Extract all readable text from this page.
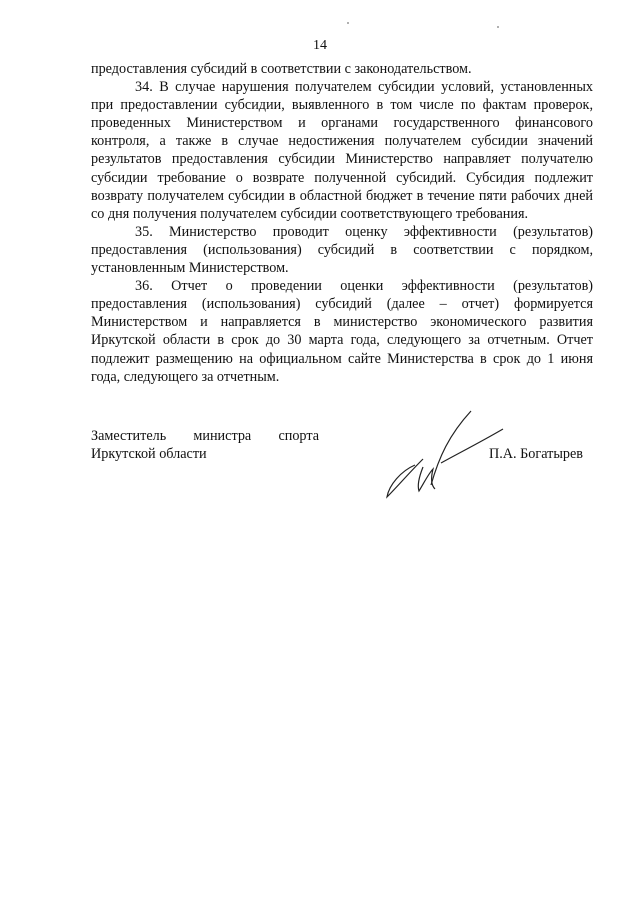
14

предоставления субсидий в соответствии с законодательством.

34. В случае нарушения получателем субсидии условий, установленных при предоставлении субсидии, выявленного в том числе по фактам проверок, проведенных Министерством и органами государственного финансового контроля, а также в случае недостижения получателем субсидии значений результатов предоставления субсидии Министерство направляет получателю субсидии требование о возврате полученной субсидий. Субсидия подлежит возврату получателем субсидии в областной бюджет в течение пяти рабочих дней со дня получения получателем субсидии соответствующего требования.

35. Министерство проводит оценку эффективности (результатов) предоставления (использования) субсидий в соответствии с порядком, установленным Министерством.

36. Отчет о проведении оценки эффективности (результатов) предоставления (использования) субсидий (далее – отчет) формируется Министерством и направляется в министерство экономического развития Иркутской области в срок до 30 марта года, следующего за отчетным. Отчет подлежит размещению на официальном сайте Министерства в срок до 1 июня года, следующего за отчетным.

Заместитель министра спорта
Иркутской области	П.А. Богатырев
